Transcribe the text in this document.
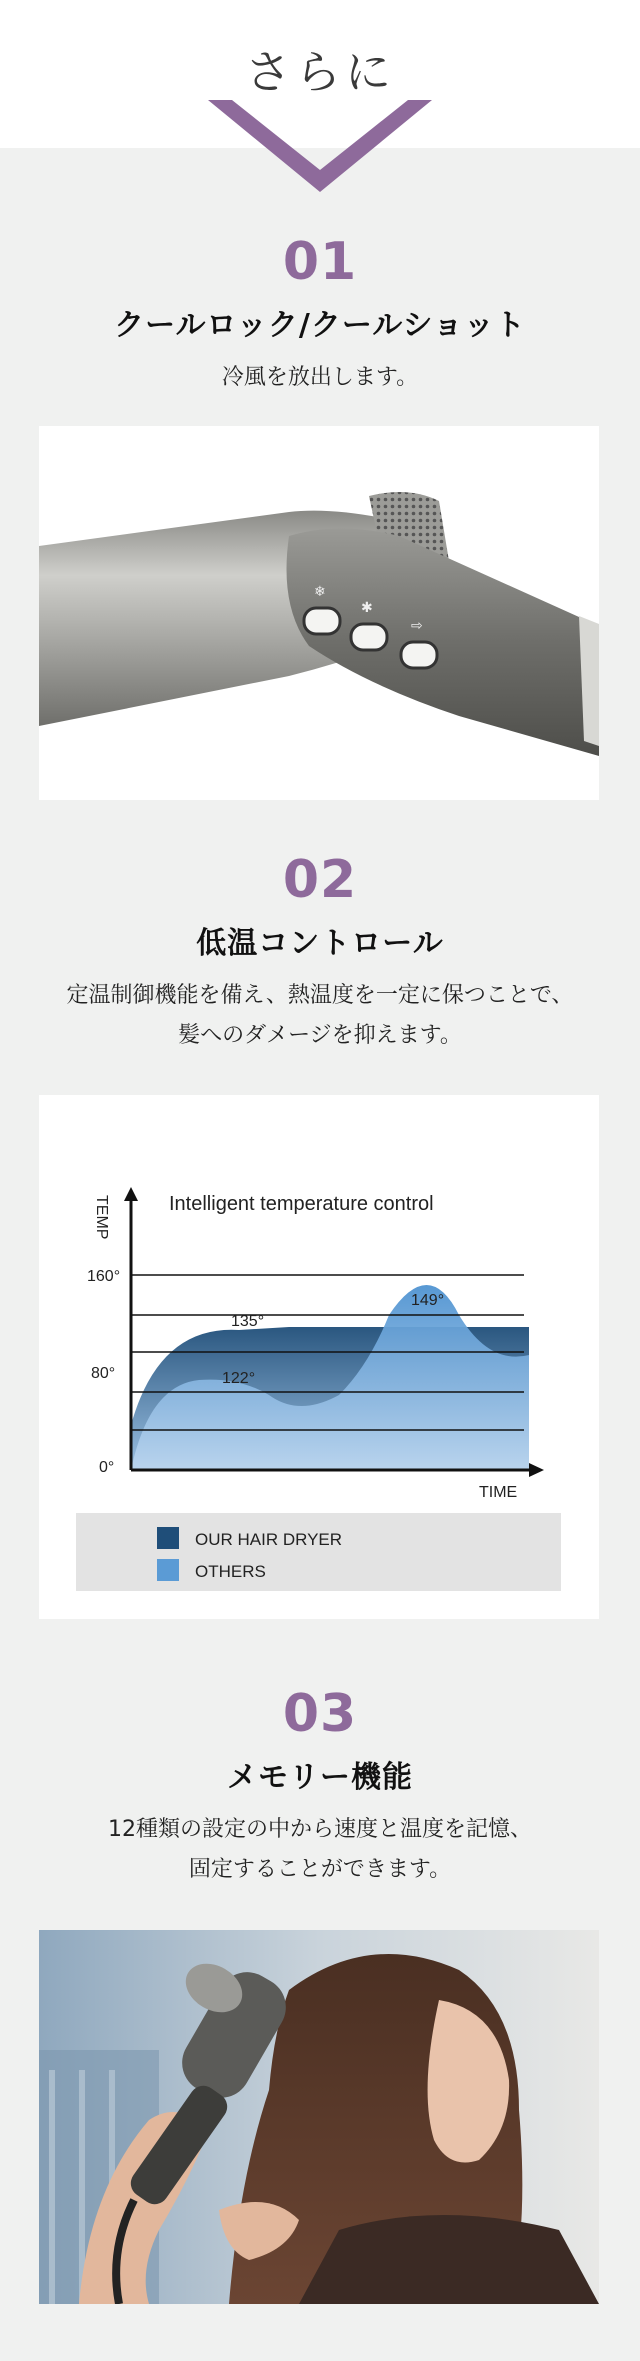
さらに
01
クールロック/クールショット
冷風を放出します。
❄
✱
⇨
02
低温コントロール
定温制御機能を備え、熱温度を一定に保つことで、
髪へのダメージを抑えます。
Intelligent temperature control
TEMP
160°
80°
0°
TIME
135°
122°
149°
OUR HAIR DRYER
OTHERS
03
メモリー機能
12種類の設定の中から速度と温度を記憶、
固定することができます。
